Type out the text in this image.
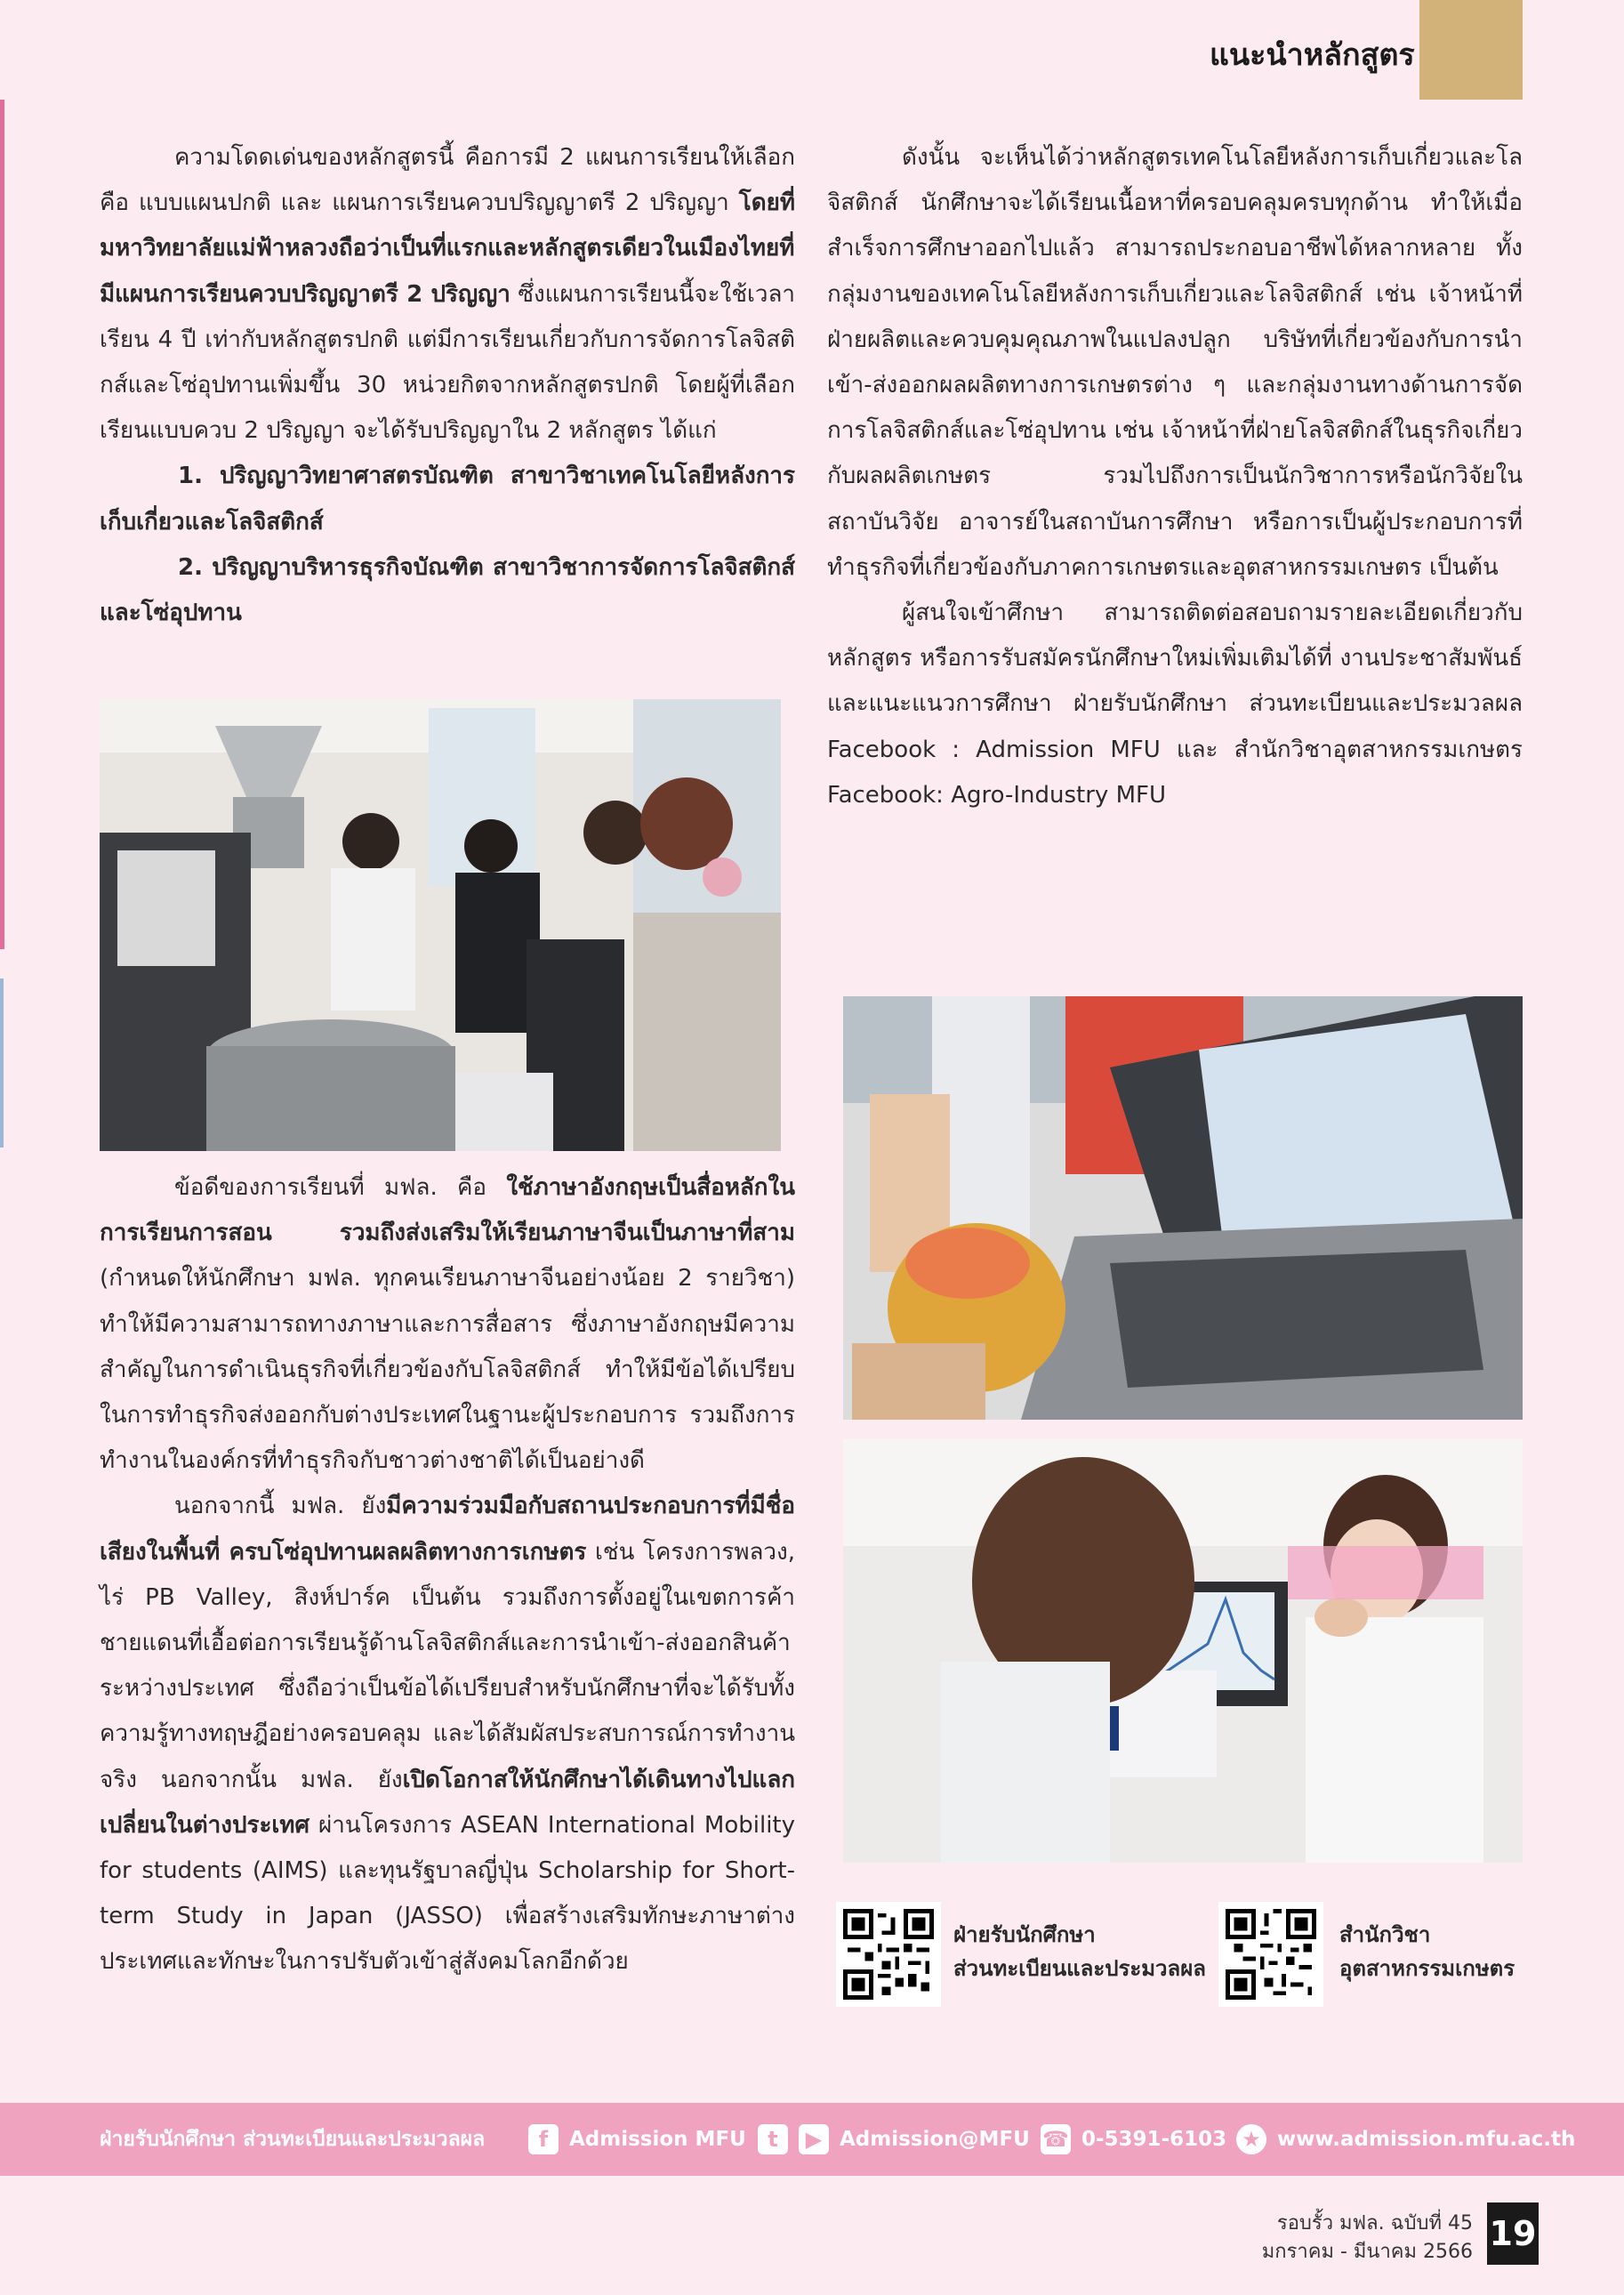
แนะนำหลักสูตร

ความโดดเด่นของหลักสูตรนี้ คือการมี 2 แผนการเรียนให้เลือก คือ แบบแผนปกติ และ แผนการเรียนควบปริญญาตรี 2 ปริญญา โดยที่มหาวิทยาลัยแม่ฟ้าหลวงถือว่าเป็นที่แรกและหลักสูตรเดียวในเมืองไทยที่มีแผนการเรียนควบปริญญาตรี 2 ปริญญา ซึ่งแผนการเรียนนี้จะใช้เวลาเรียน 4 ปี เท่ากับหลักสูตรปกติ แต่มีการเรียนเกี่ยวกับการจัดการโลจิสติกส์และโซ่อุปทานเพิ่มขึ้น 30 หน่วยกิตจากหลักสูตรปกติ โดยผู้ที่เลือกเรียนแบบควบ 2 ปริญญา จะได้รับปริญญาใน 2 หลักสูตร ได้แก่

1. ปริญญาวิทยาศาสตรบัณฑิต สาขาวิชาเทคโนโลยีหลังการเก็บเกี่ยวและโลจิสติกส์

2. ปริญญาบริหารธุรกิจบัณฑิต สาขาวิชาการจัดการโลจิสติกส์และโซ่อุปทาน

ข้อดีของการเรียนที่ มฟล. คือ ใช้ภาษาอังกฤษเป็นสื่อหลักในการเรียนการสอน รวมถึงส่งเสริมให้เรียนภาษาจีนเป็นภาษาที่สาม (กำหนดให้นักศึกษา มฟล. ทุกคนเรียนภาษาจีนอย่างน้อย 2 รายวิชา) ทำให้มีความสามารถทางภาษาและการสื่อสาร ซึ่งภาษาอังกฤษมีความสำคัญในการดำเนินธุรกิจที่เกี่ยวข้องกับโลจิสติกส์ ทำให้มีข้อได้เปรียบในการทำธุรกิจส่งออกกับต่างประเทศในฐานะผู้ประกอบการ รวมถึงการทำงานในองค์กรที่ทำธุรกิจกับชาวต่างชาติได้เป็นอย่างดี

นอกจากนี้ มฟล. ยังมีความร่วมมือกับสถานประกอบการที่มีชื่อเสียงในพื้นที่ ครบโซ่อุปทานผลผลิตทางการเกษตร เช่น โครงการพลวง, ไร่ PB Valley, สิงห์ปาร์ค เป็นต้น รวมถึงการตั้งอยู่ในเขตการค้าชายแดนที่เอื้อต่อการเรียนรู้ด้านโลจิสติกส์และการนำเข้า-ส่งออกสินค้าระหว่างประเทศ ซึ่งถือว่าเป็นข้อได้เปรียบสำหรับนักศึกษาที่จะได้รับทั้งความรู้ทางทฤษฎีอย่างครอบคลุม และได้สัมผัสประสบการณ์การทำงานจริง นอกจากนั้น มฟล. ยังเปิดโอกาสให้นักศึกษาได้เดินทางไปแลกเปลี่ยนในต่างประเทศ ผ่านโครงการ ASEAN International Mobility for students (AIMS) และทุนรัฐบาลญี่ปุ่น Scholarship for Short-term Study in Japan (JASSO) เพื่อสร้างเสริมทักษะภาษาต่างประเทศและทักษะในการปรับตัวเข้าสู่สังคมโลกอีกด้วย

ดังนั้น จะเห็นได้ว่าหลักสูตรเทคโนโลยีหลังการเก็บเกี่ยวและโลจิสติกส์ นักศึกษาจะได้เรียนเนื้อหาที่ครอบคลุมครบทุกด้าน ทำให้เมื่อสำเร็จการศึกษาออกไปแล้ว สามารถประกอบอาชีพได้หลากหลาย ทั้งกลุ่มงานของเทคโนโลยีหลังการเก็บเกี่ยวและโลจิสติกส์ เช่น เจ้าหน้าที่ฝ่ายผลิตและควบคุมคุณภาพในแปลงปลูก บริษัทที่เกี่ยวข้องกับการนำเข้า-ส่งออกผลผลิตทางการเกษตรต่าง ๆ และกลุ่มงานทางด้านการจัดการโลจิสติกส์และโซ่อุปทาน เช่น เจ้าหน้าที่ฝ่ายโลจิสติกส์ในธุรกิจเกี่ยวกับผลผลิตเกษตร รวมไปถึงการเป็นนักวิชาการหรือนักวิจัยในสถาบันวิจัย อาจารย์ในสถาบันการศึกษา หรือการเป็นผู้ประกอบการที่ทำธุรกิจที่เกี่ยวข้องกับภาคการเกษตรและอุตสาหกรรมเกษตร เป็นต้น

ผู้สนใจเข้าศึกษา สามารถติดต่อสอบถามรายละเอียดเกี่ยวกับหลักสูตร หรือการรับสมัครนักศึกษาใหม่เพิ่มเติมได้ที่ งานประชาสัมพันธ์และแนะแนวการศึกษา ฝ่ายรับนักศึกษา ส่วนทะเบียนและประมวลผล Facebook : Admission MFU และ สำนักวิชาอุตสาหกรรมเกษตร Facebook: Agro-Industry MFU

ฝ่ายรับนักศึกษา
ส่วนทะเบียนและประมวลผล
สำนักวิชา
อุตสาหกรรมเกษตร
ฝ่ายรับนักศึกษา ส่วนทะเบียนและประมวลผล	f	Admission MFU	t	▶ Admission@MFU ☎ 0-5391-6103 ★ www.admission.mfu.ac.th
รอบรั้ว มฟล. ฉบับที่ 45
มกราคม - มีนาคม 2566 19
